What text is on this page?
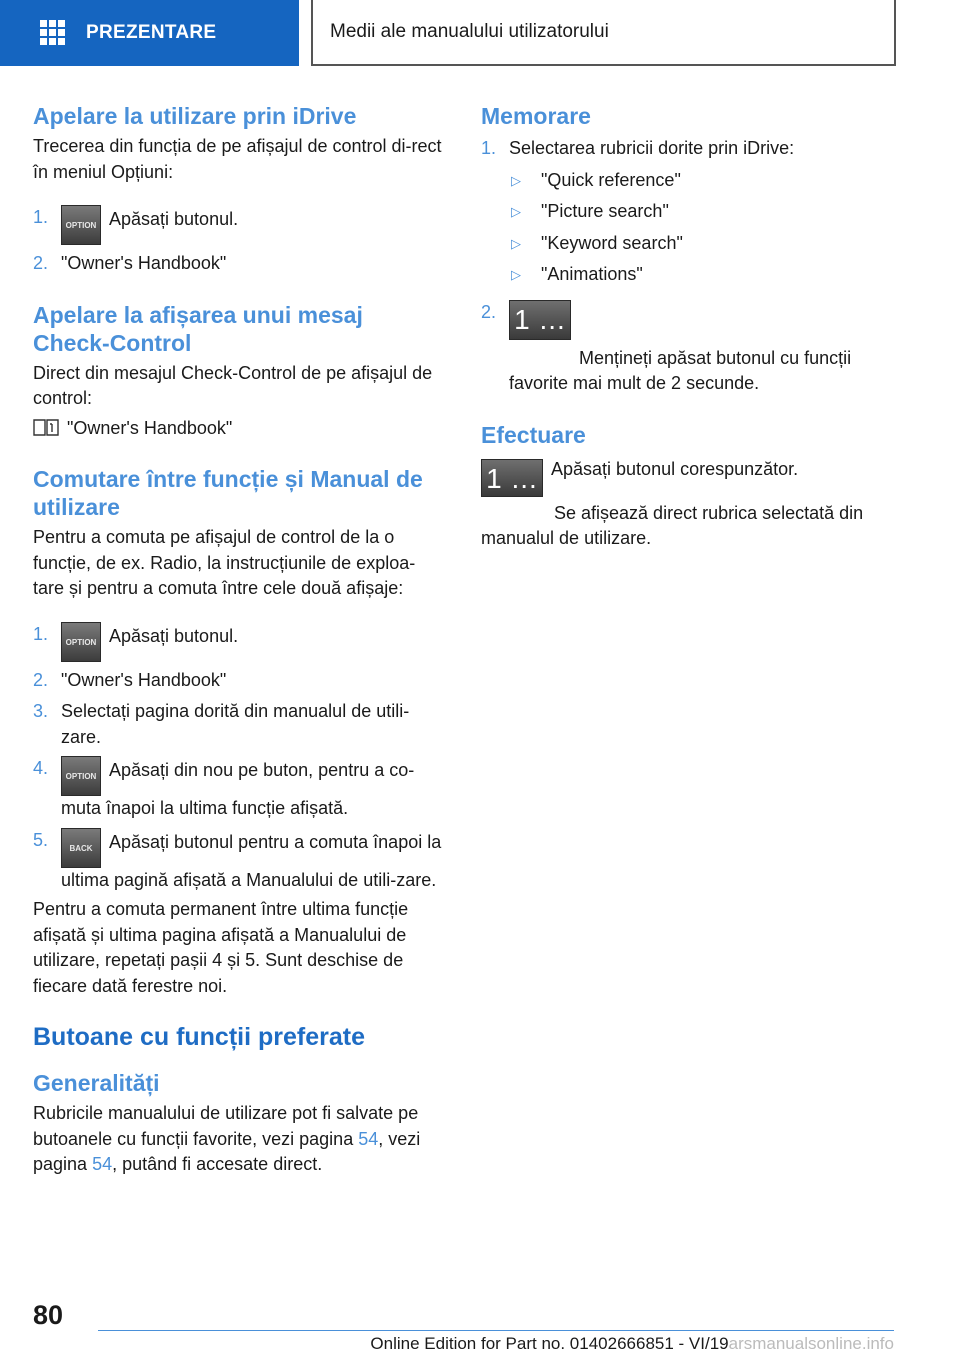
PREZENTARE	Medii ale manualului utilizatorului
Apelare la utilizare prin iDrive

Trecerea din funcția de pe afișajul de control di-rect în meniul Opțiuni:

1.	OPTION Apăsați butonul.
2. "Owner's Handbook"
Apelare la afișarea unui mesaj Check-Control

Direct din mesajul Check-Control de pe afișajul de control:

"Owner's Handbook"

Comutare între funcție și Manual de utilizare

Pentru a comuta pe afișajul de control de la o funcție, de ex. Radio, la instrucțiunile de exploa-tare și pentru a comuta între cele două afișaje:

1.	OPTION Apăsați butonul.
2. "Owner's Handbook"
3. Selectați pagina dorită din manualul de utili-zare.
4.	OPTION Apăsați din nou pe buton, pentru a co-muta înapoi la ultima funcție afișată.
5.	BACK Apăsați butonul pentru a comuta înapoi la ultima pagină afișată a Manualului de utili-zare.

Pentru a comuta permanent între ultima funcție afișată și ultima pagina afișată a Manualului de utilizare, repetați pașii 4 și 5. Sunt deschise de fiecare dată ferestre noi.

Butoane cu funcții preferate
Generalități

Rubricile manualului de utilizare pot fi salvate pe butoanele cu funcții favorite, vezi pagina 54, vezi pagina 54, putând fi accesate direct.

Memorare
1. Selectarea rubricii dorite prin iDrive:
▷	"Quick reference"
▷	"Picture search"
▷	"Keyword search"
▷	"Animations"
2. 1 ... 7 Mențineți apăsat butonul cu funcții favorite mai mult de 2 secunde.
Efectuare
1 ... 7
Apăsați butonul corespunzător.

Se afișează direct rubrica selectată din manualul de utilizare.

80
Online Edition for Part no. 01402666851 - VI/19arsmanualsonline.info
